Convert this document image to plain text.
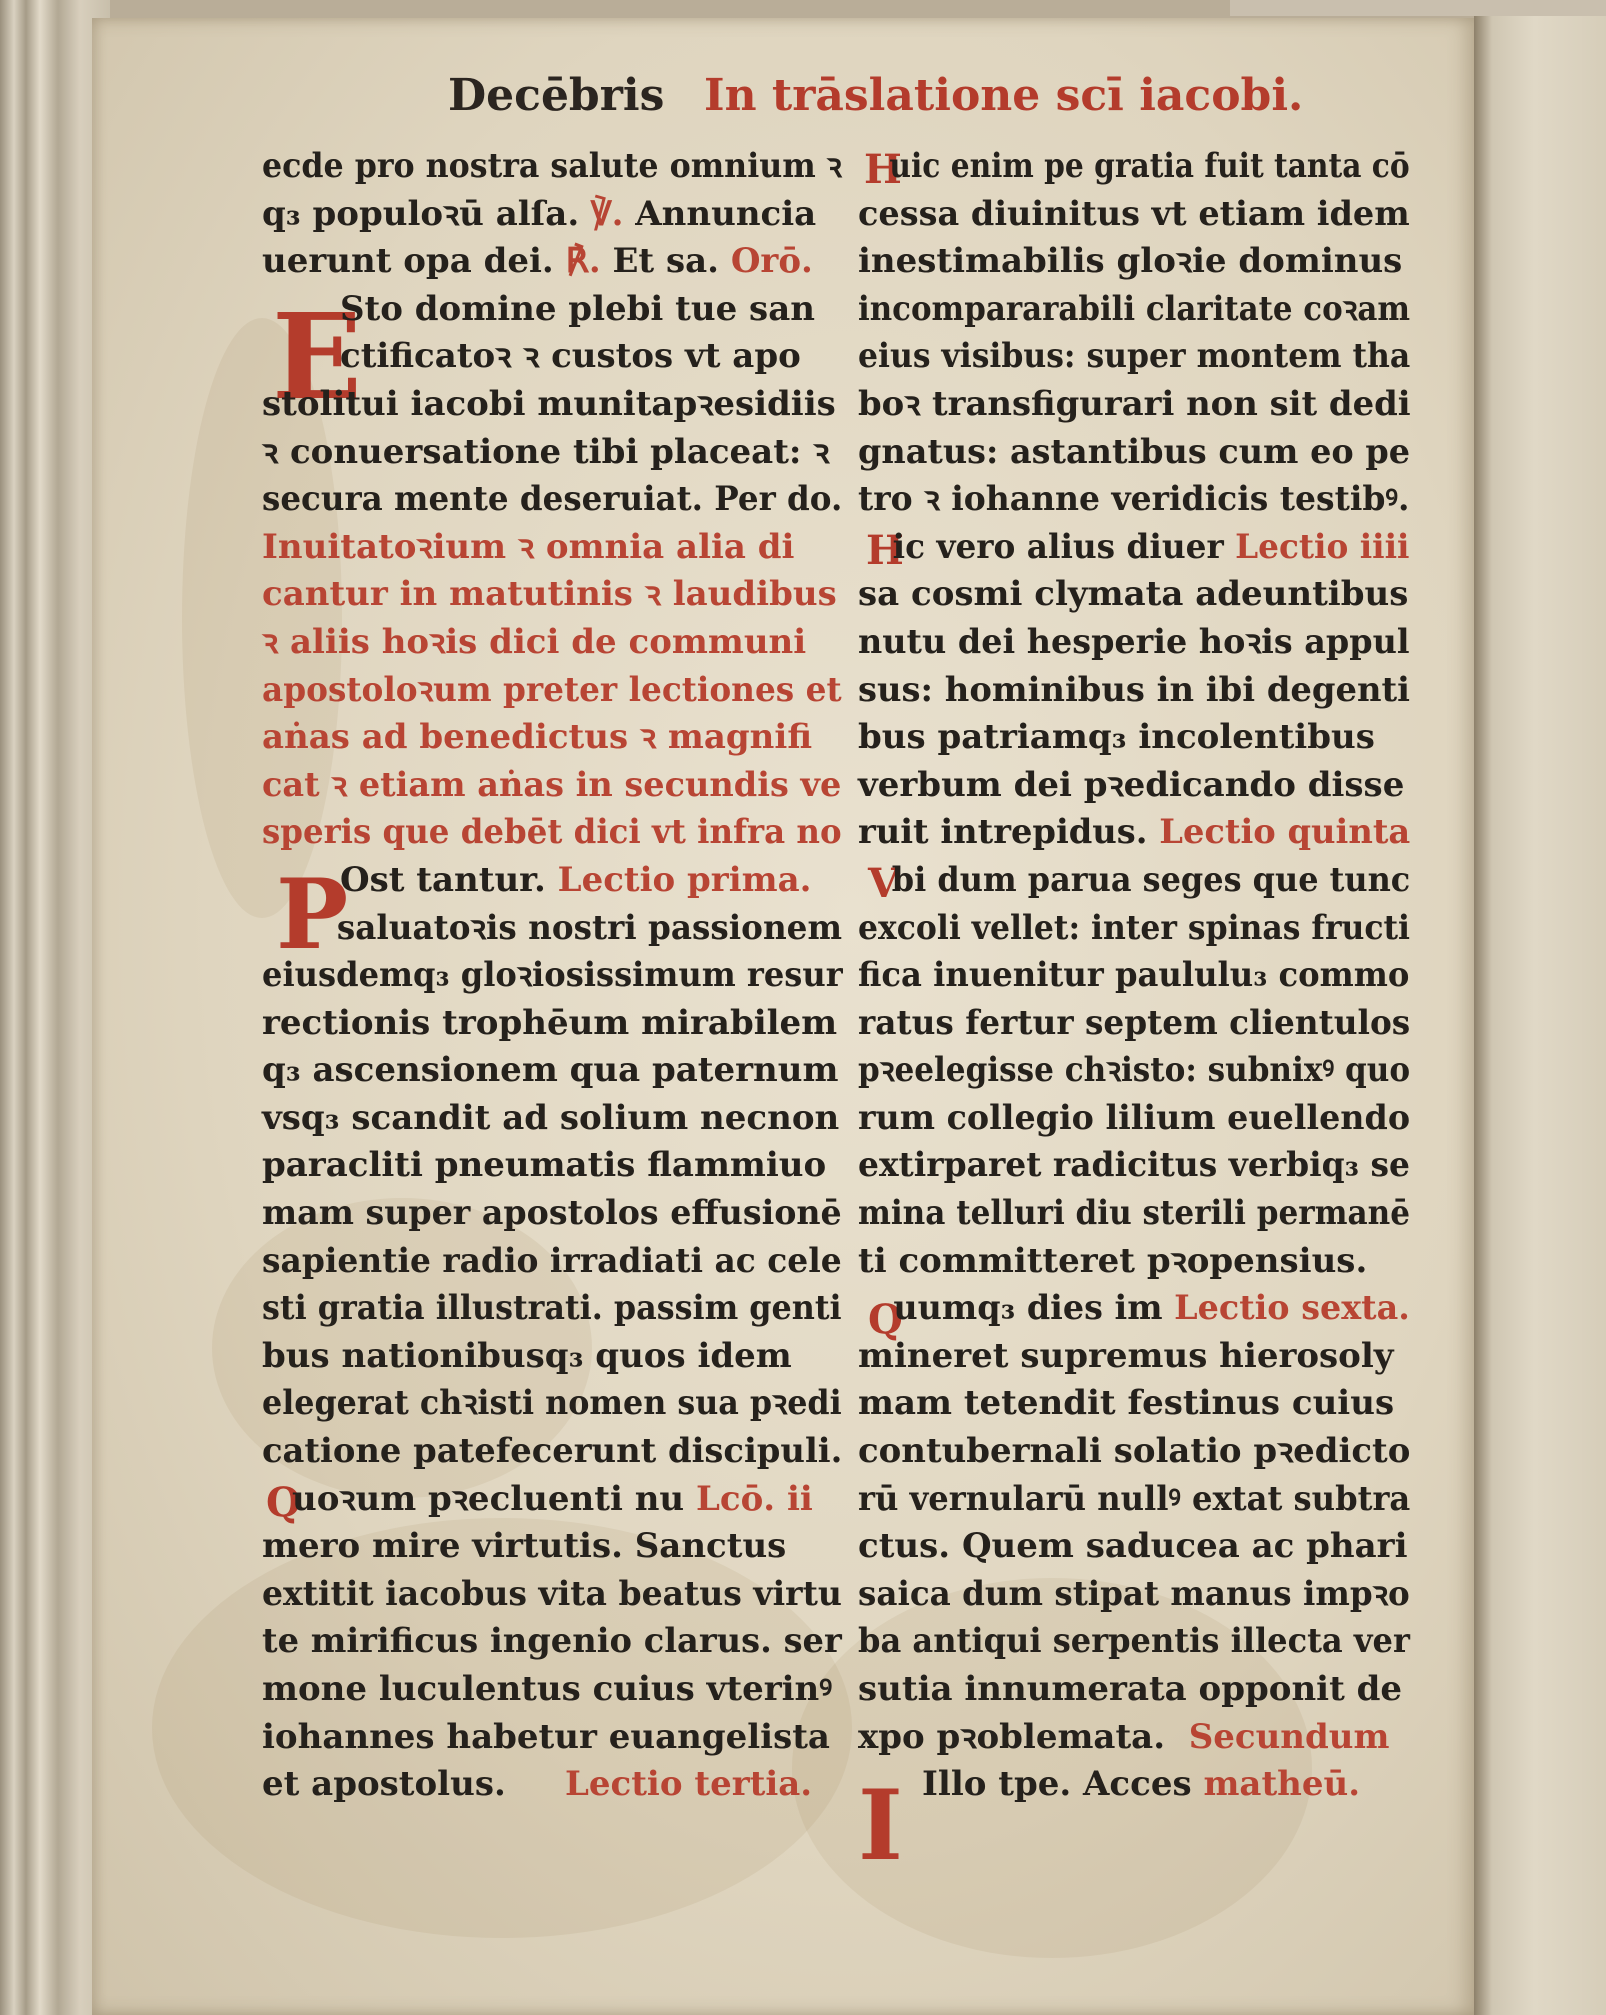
Decēbris In trāslatione scī iacobi.
E
P
Q
H
H
V
Q
I
ecde pro nostra salute omnium ꝛ
q₃ populoꝛū alſa. ℣. Annuncia
uerunt opa dei. ℟. Et sa. Orō.
Sto domine plebi tue san
ctificatoꝛ ꝛ custos vt apo
stolitui iacobi munitapꝛesidiis
ꝛ conuersatione tibi placeat: ꝛ
secura mente deseruiat. Per do.
Inuitatoꝛium ꝛ omnia alia di
cantur in matutinis ꝛ laudibus
ꝛ aliis hoꝛis dici de communi
apostoloꝛum preter lectiones et
aṅas ad benedictus ꝛ magnifi
cat ꝛ etiam aṅas in secundis ve
speris que debēt dici vt infra no
Ost tantur. Lectio prima.
saluatoꝛis nostri passionem
eiusdemq₃ gloꝛiosissimum resur
rectionis trophēum mirabilem
q₃ ascensionem qua paternum
vsq₃ scandit ad solium necnon
paracliti pneumatis flammiuo
mam super apostolos effusionē
sapientie radio irradiati ac cele
sti gratia illustrati. passim genti
bus nationibusq₃ quos idem
elegerat chꝛisti nomen sua pꝛedi
catione patefecerunt discipuli.
uoꝛum pꝛecluenti nu Lcō. ii
mero mire virtutis. Sanctus
extitit iacobus vita beatus virtu
te mirificus ingenio clarus. ser
mone luculentus cuius vterinꝰ
iohannes habetur euangelista
et apostolus.     Lectio tertia.
uic enim pe gratia fuit tanta cō
cessa diuinitus vt etiam idem
inestimabilis gloꝛie dominus
incompararabili claritate coꝛam
eius visibus: super montem tha
boꝛ transfigurari non sit dedi
gnatus: astantibus cum eo pe
tro ꝛ iohanne veridicis testibꝰ.
ic vero alius diuer Lectio iiii
sa cosmi clymata adeuntibus
nutu dei hesperie hoꝛis appul
sus: hominibus in ibi degenti
bus patriamq₃ incolentibus
verbum dei pꝛedicando disse
ruit intrepidus. Lectio quinta
bi dum parua seges que tunc
excoli vellet: inter spinas fructi
fica inuenitur paululu₃ commo
ratus fertur septem clientulos
pꝛeelegisse chꝛisto: subnixꝰ quo
rum collegio lilium euellendo
extirparet radicitus verbiq₃ se
mina telluri diu sterili permanē
ti committeret pꝛopensius.
uumq₃ dies im Lectio sexta.
mineret supremus hierosoly
mam tetendit festinus cuius
contubernali solatio pꝛedicto
rū vernularū nullꝰ extat subtra
ctus. Quem saducea ac phari
saica dum stipat manus impꝛo
ba antiqui serpentis illecta ver
sutia innumerata opponit de
xpo pꝛoblemata.  Secundum
Illo tpe. Acces matheū.
